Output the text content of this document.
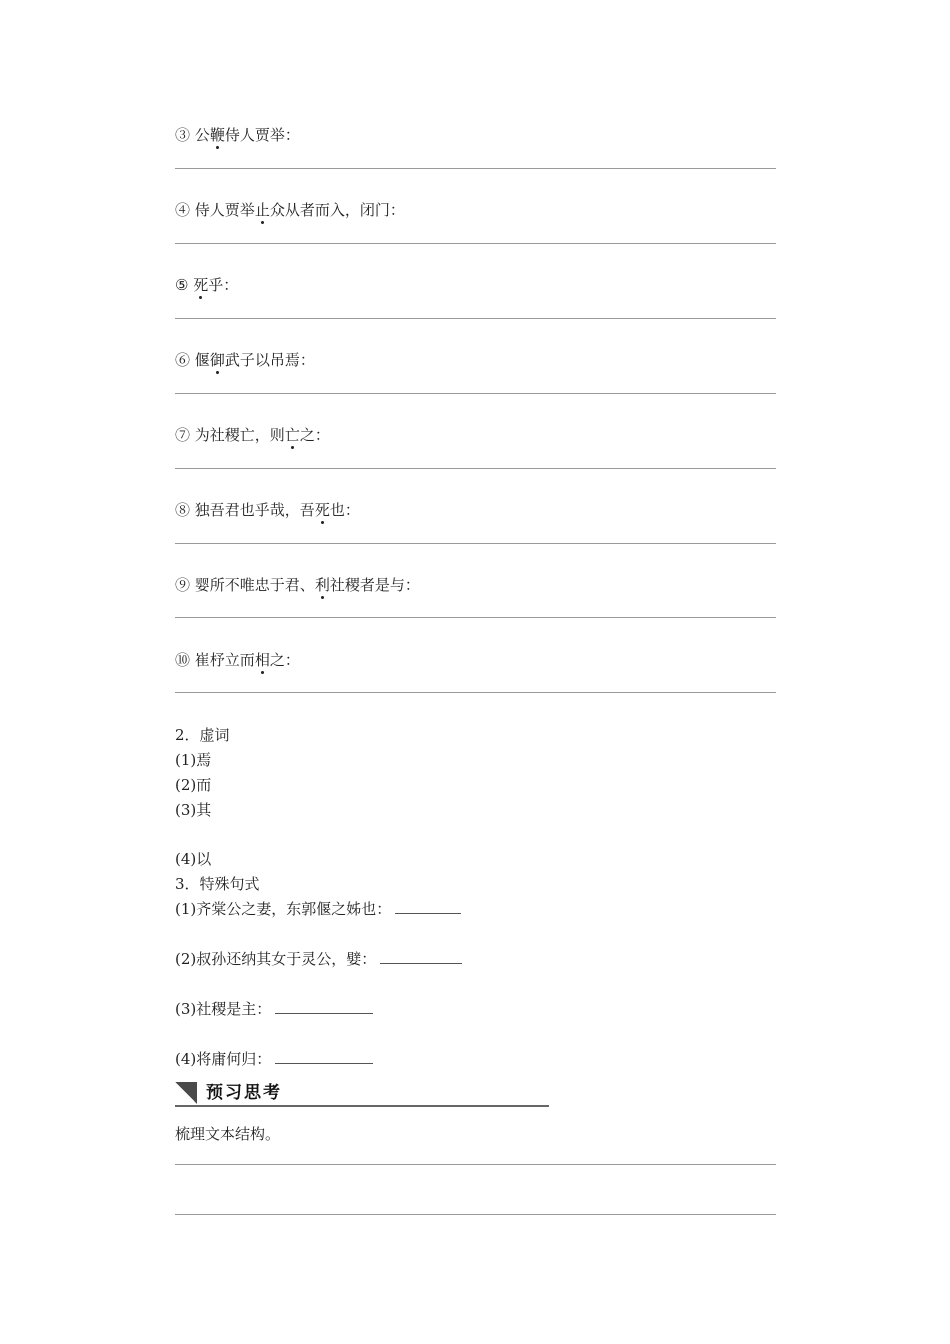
③ 公鞭侍人贾举：
④ 侍人贾举止众从者而入，闭门：
⑤ 死乎：
⑥ 偃御武子以吊焉：
⑦ 为社稷亡，则亡之：
⑧ 独吾君也乎哉，吾死也：
⑨ 婴所不唯忠于君、利社稷者是与：
⑩ 崔杼立而相之：
2．虚词
(1)焉
(2)而
(3)其
(4)以
3．特殊句式
(1)齐棠公之妻，东郭偃之姊也：
(2)叔孙还纳其女于灵公，嬖：
(3)社稷是主：
(4)将庸何归：
预习思考
梳理文本结构。
